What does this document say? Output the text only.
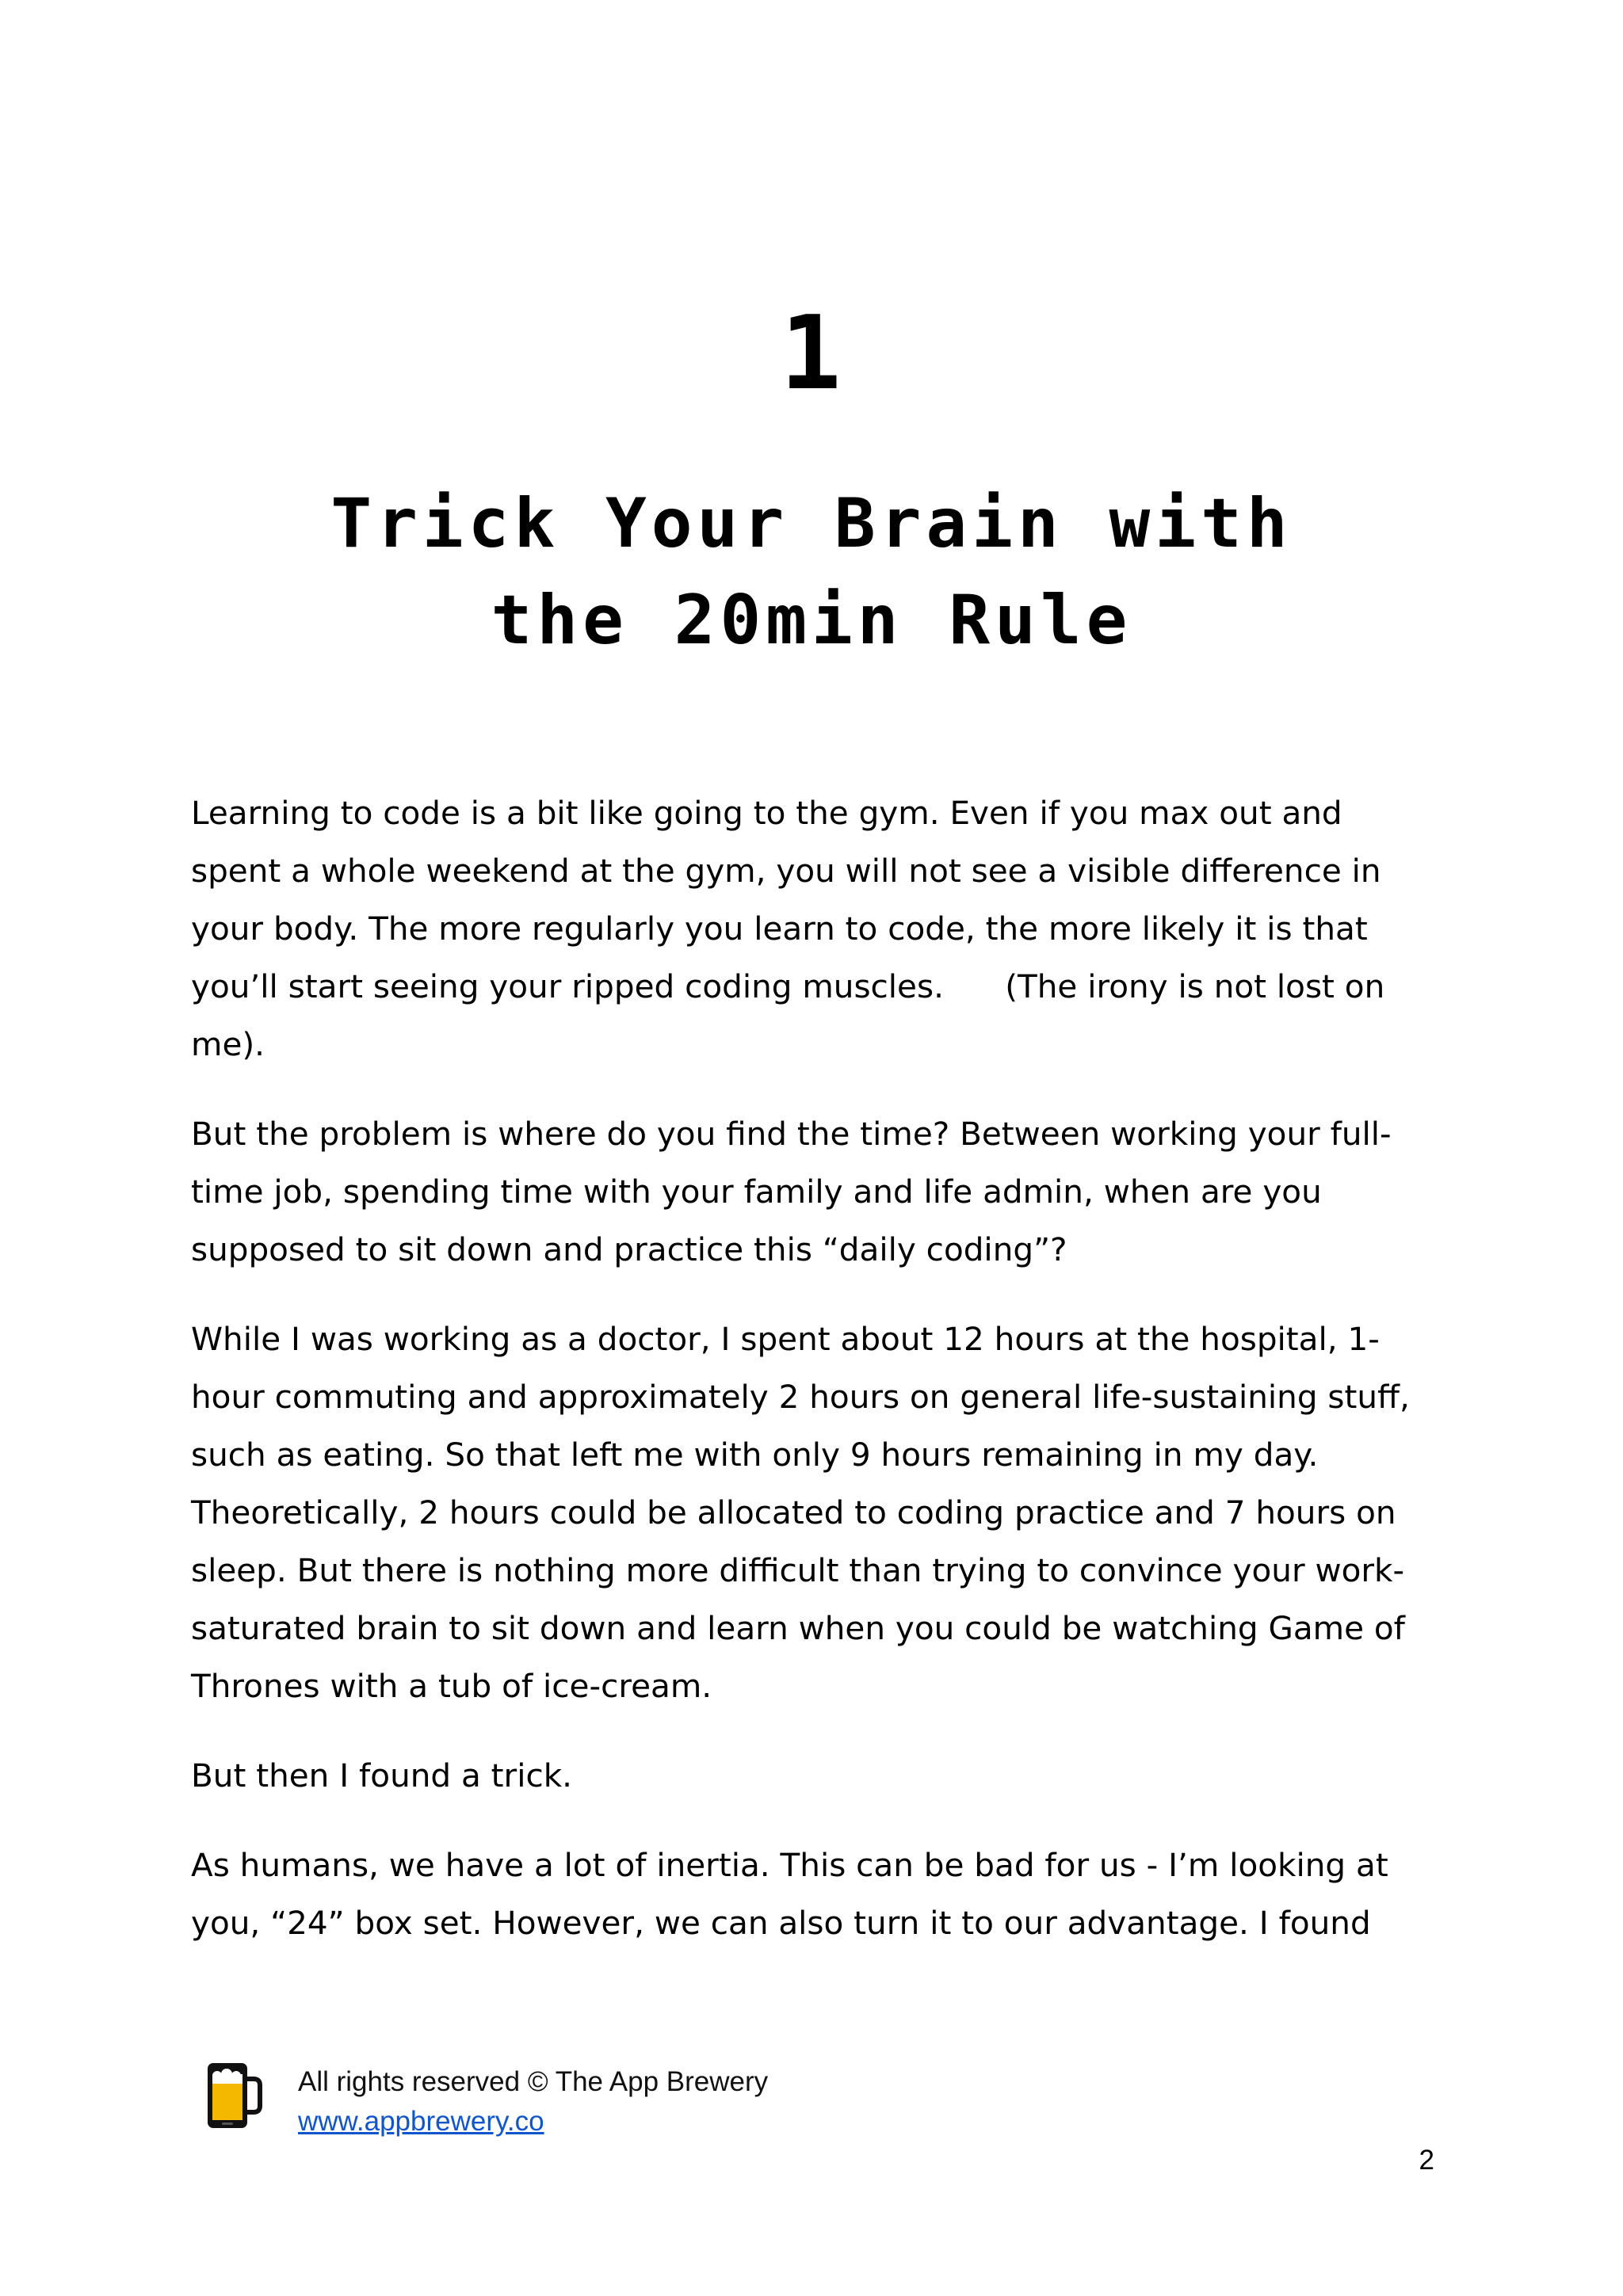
1
Trick Your Brain with
the 20min Rule

Learning to code is a bit like going to the gym. Even if you max out and spent a whole weekend at the gym, you will not see a visible difference in your body. The more regularly you learn to code, the more likely it is that you’ll start seeing your ripped coding muscles.      (The irony is not lost on me).

But the problem is where do you find the time? Between working your full-time job, spending time with your family and life admin, when are you supposed to sit down and practice this “daily coding”?

While I was working as a doctor, I spent about 12 hours at the hospital, 1-hour commuting and approximately 2 hours on general life-sustaining stuff, such as eating. So that left me with only 9 hours remaining in my day. Theoretically, 2 hours could be allocated to coding practice and 7 hours on sleep. But there is nothing more difficult than trying to convince your work-saturated brain to sit down and learn when you could be watching Game of Thrones with a tub of ice-cream.

But then I found a trick.

As humans, we have a lot of inertia. This can be bad for us - I’m looking at you, “24” box set. However, we can also turn it to our advantage. I found

All rights reserved © The App Brewery
www.appbrewery.co
2
